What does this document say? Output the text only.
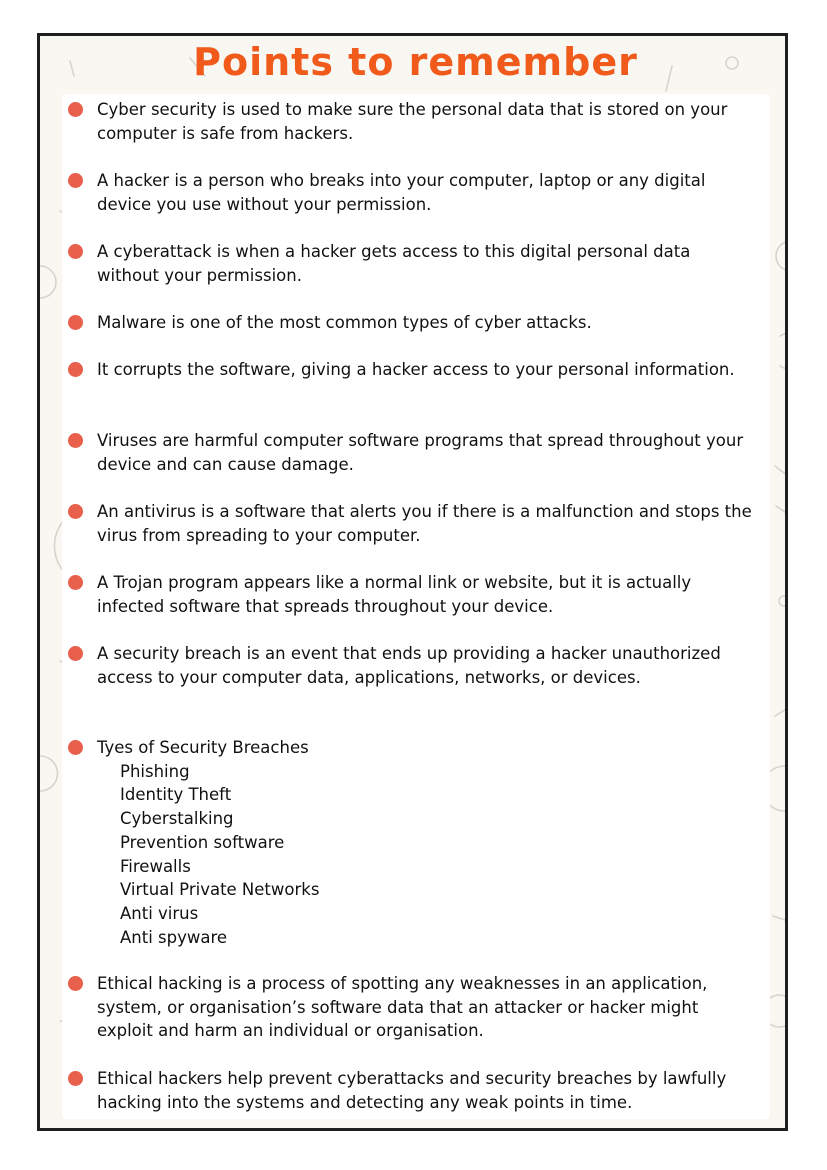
Points to remember
Cyber security is used to make sure the personal data that is stored on your computer is safe from hackers.
A hacker is a person who breaks into your computer, laptop or any digital device you use without your permission.
A cyberattack is when a hacker gets access to this digital personal data without your permission.
Malware is one of the most common types of cyber attacks.
It corrupts the software, giving a hacker access to your personal information.
Viruses are harmful computer software programs that spread throughout your device and can cause damage.
An antivirus is a software that alerts you if there is a malfunction and stops the virus from spreading to your computer.
A Trojan program appears like a normal link or website, but it is actually infected software that spreads throughout your device.
A security breach is an event that ends up providing a hacker unauthorized access to your computer data, applications, networks, or devices.
Tyes of Security Breaches
Phishing
Identity Theft
Cyberstalking
Prevention software
Firewalls
Virtual Private Networks
Anti virus
Anti spyware
Ethical hacking is a process of spotting any weaknesses in an application, system, or organisation’s software data that an attacker or hacker might exploit and harm an individual or organisation.
Ethical hackers help prevent cyberattacks and security breaches by lawfully hacking into the systems and detecting any weak points in time.
